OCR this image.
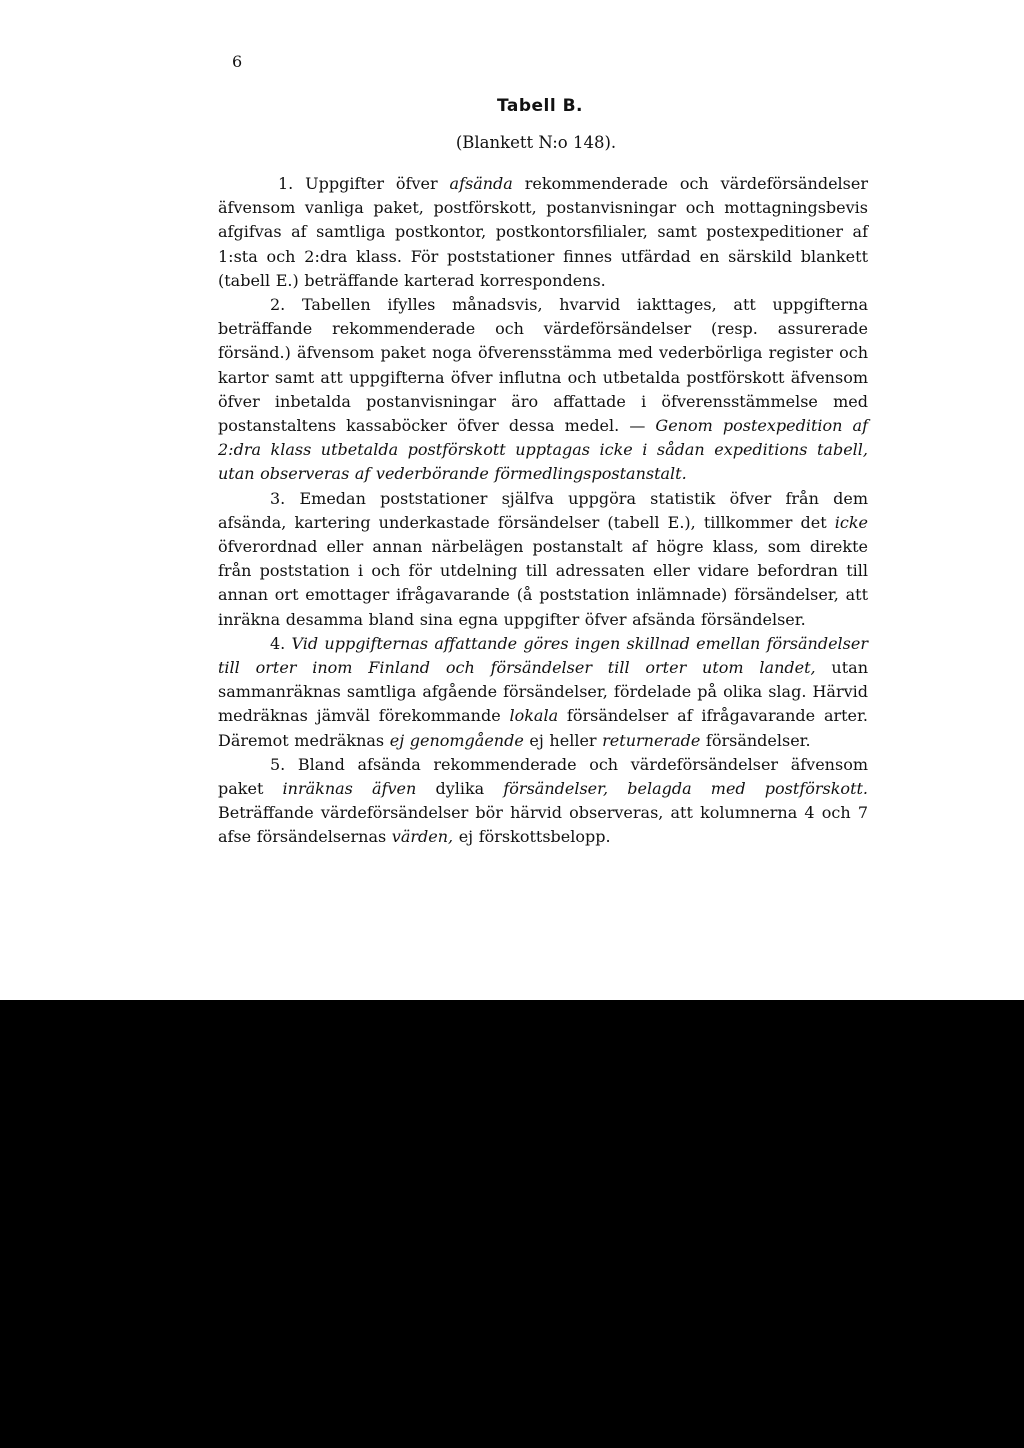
6
Tabell B.
(Blankett N:o 148).

1. Uppgifter öfver afsända rekommenderade och värdeförsändelser äfvensom vanliga paket, postförskott, postanvisningar och mottagningsbevis afgifvas af samtliga postkontor, postkontorsfilialer, samt postexpeditioner af 1:sta och 2:dra klass. För poststationer finnes utfärdad en särskild blankett (tabell E.) beträffande karterad korrespondens.

2. Tabellen ifylles månadsvis, hvarvid iakttages, att uppgifterna beträffande rekommenderade och värdeförsändelser (resp. assurerade försänd.) äfvensom paket noga öfverensstämma med vederbörliga register och kartor samt att uppgifterna öfver influtna och utbetalda postförskott äfvensom öfver inbetalda postanvisningar äro affattade i öfverensstämmelse med postanstaltens kassaböcker öfver dessa medel. — Genom postexpedition af 2:dra klass utbetalda postförskott upptagas icke i sådan expeditions tabell, utan observeras af vederbörande förmedlingspostanstalt.

3. Emedan poststationer själfva uppgöra statistik öfver från dem afsända, kartering underkastade försändelser (tabell E.), tillkommer det icke öfverordnad eller annan närbelägen postanstalt af högre klass, som direkte från poststation i och för utdelning till adressaten eller vidare befordran till annan ort emottager ifrågavarande (å poststation inlämnade) försändelser, att inräkna desamma bland sina egna uppgifter öfver afsända försändelser.

4. Vid uppgifternas affattande göres ingen skillnad emellan försändelser till orter inom Finland och försändelser till orter utom landet, utan sammanräknas samtliga afgående försändelser, fördelade på olika slag. Härvid medräknas jämväl förekommande lokala försändelser af ifrågavarande arter. Däremot medräknas ej genomgående ej heller returnerade försändelser.

5. Bland afsända rekommenderade och värdeförsändelser äfvensom paket inräknas äfven dylika försändelser, belagda med postförskott. Beträffande värdeförsändelser bör härvid observeras, att kolumnerna 4 och 7 afse försändelsernas värden, ej förskottsbelopp.
